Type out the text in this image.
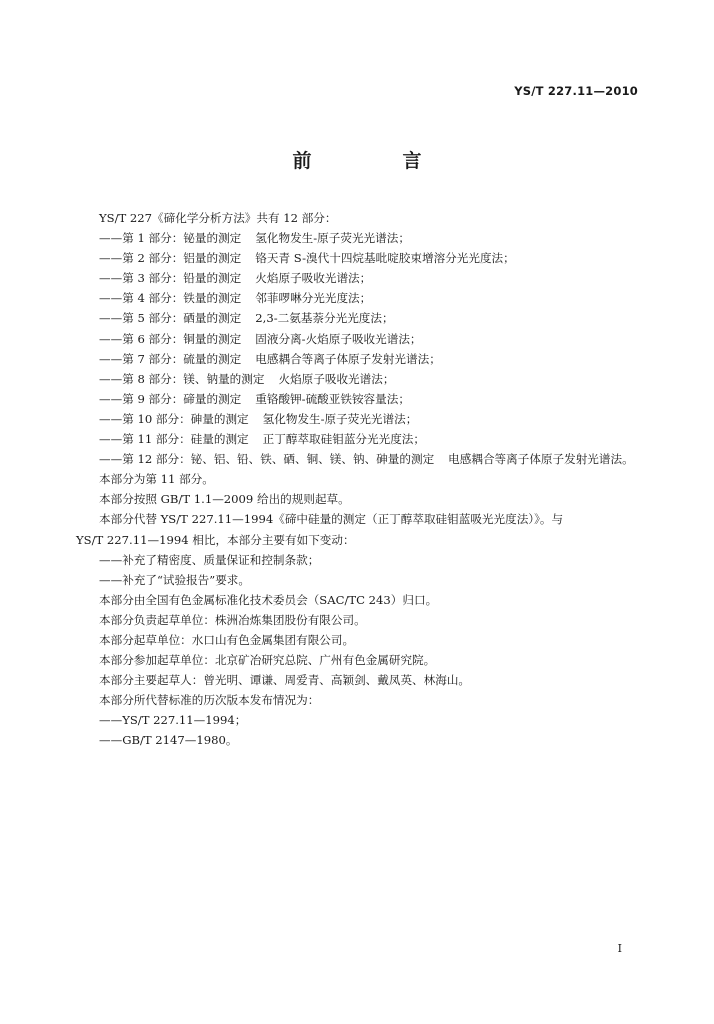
YS/T 227.11—2010
前　言
YS/T 227《碲化学分析方法》共有 12 部分：
——第 1 部分：铋量的测定 氢化物发生-原子荧光光谱法；
——第 2 部分：铝量的测定 铬天青 S-溴代十四烷基吡啶胶束增溶分光光度法；
——第 3 部分：铅量的测定 火焰原子吸收光谱法；
——第 4 部分：铁量的测定 邻菲啰啉分光光度法；
——第 5 部分：硒量的测定 2,3-二氨基萘分光光度法；
——第 6 部分：铜量的测定 固液分离-火焰原子吸收光谱法；
——第 7 部分：硫量的测定 电感耦合等离子体原子发射光谱法；
——第 8 部分：镁、钠量的测定 火焰原子吸收光谱法；
——第 9 部分：碲量的测定 重铬酸钾-硫酸亚铁铵容量法；
——第 10 部分：砷量的测定 氢化物发生-原子荧光光谱法；
——第 11 部分：硅量的测定 正丁醇萃取硅钼蓝分光光度法；
——第 12 部分：铋、铝、铅、铁、硒、铜、镁、钠、砷量的测定 电感耦合等离子体原子发射光谱法。
本部分为第 11 部分。
本部分按照 GB/T 1.1—2009 给出的规则起草。
本部分代替 YS/T 227.11—1994《碲中硅量的测定（正丁醇萃取硅钼蓝吸光光度法）》。与
YS/T 227.11—1994 相比，本部分主要有如下变动：
——补充了精密度、质量保证和控制条款；
——补充了“试验报告”要求。
本部分由全国有色金属标准化技术委员会（SAC/TC 243）归口。
本部分负责起草单位：株洲冶炼集团股份有限公司。
本部分起草单位：水口山有色金属集团有限公司。
本部分参加起草单位：北京矿冶研究总院、广州有色金属研究院。
本部分主要起草人：曾光明、谭谦、周爱青、高颖剑、戴凤英、林海山。
本部分所代替标准的历次版本发布情况为：
——YS/T 227.11—1994；
——GB/T 2147—1980。
I
